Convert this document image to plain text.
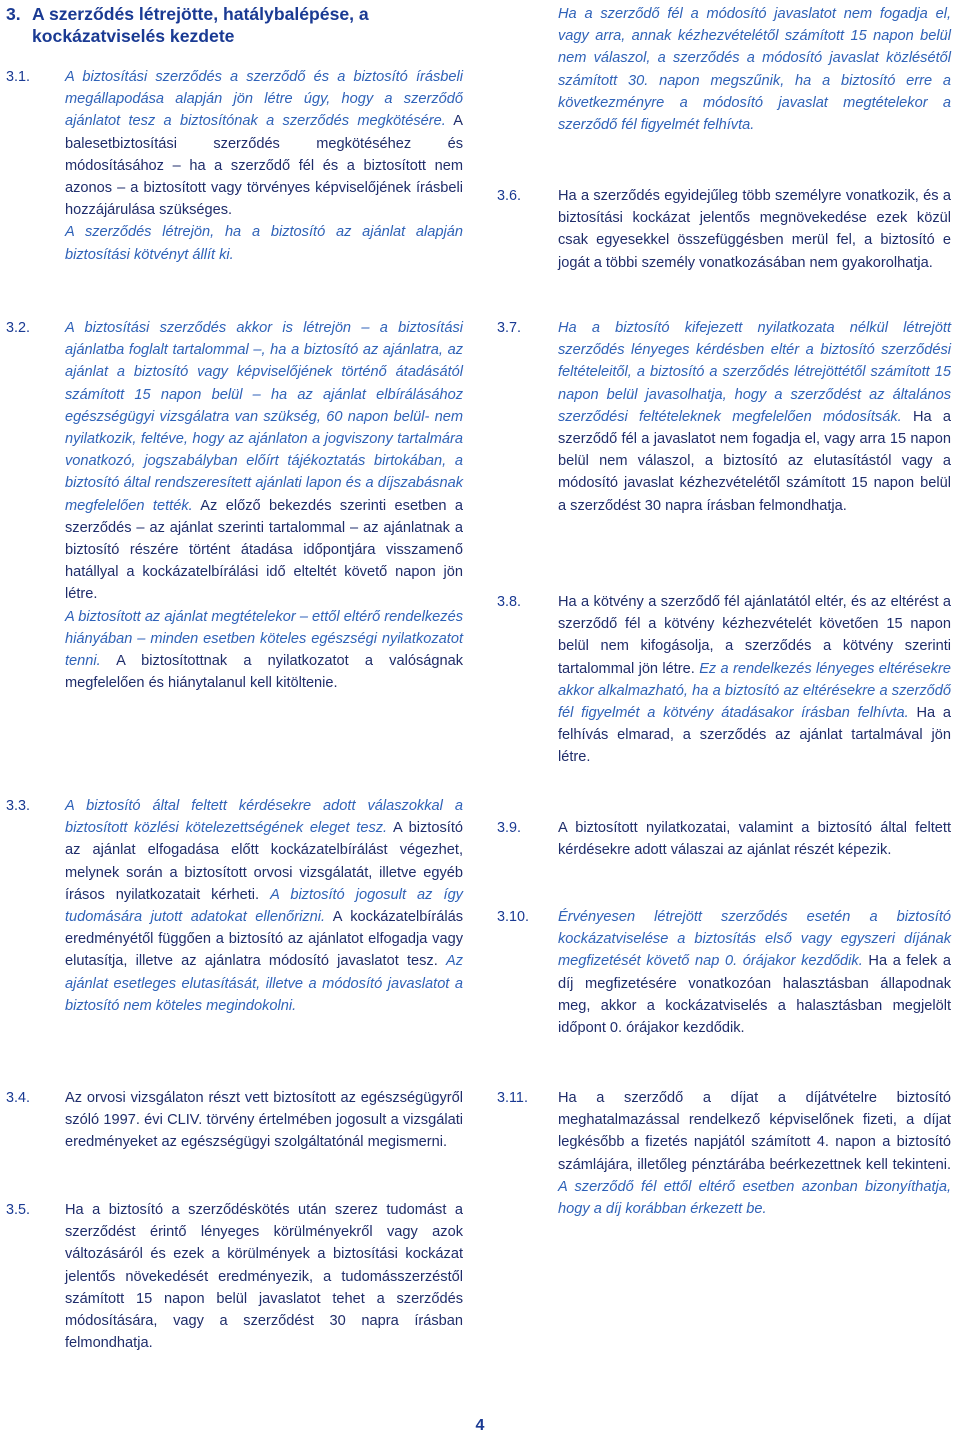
3. A szerződés létrejötte, hatálybalépése, a kockázatviselés kezdete
3.1. A biztosítási szerződés a szerződő és a biztosító írásbeli megállapodása alapján jön létre úgy, hogy a szerződő ajánlatot tesz a biztosítónak a szerződés megkötésére. A balesetbiztosítási szerződés megkötéséhez és módosításához – ha a szerződő fél és a biztosított nem azonos – a biztosított vagy törvényes képviselőjének írásbeli hozzájárulása szükséges.
A szerződés létrejön, ha a biztosító az ajánlat alapján biztosítási kötvényt állít ki.
3.2. A biztosítási szerződés akkor is létrejön – a biztosítási ajánlatba foglalt tartalommal –, ha a biztosító az ajánlatra, az ajánlat a biztosító vagy képviselőjének történő átadásától számított 15 napon belül – ha az ajánlat elbírálásához egészségügyi vizsgálatra van szükség, 60 napon belül- nem nyilatkozik, feltéve, hogy az ajánlaton a jogviszony tartalmára vonatkozó, jogszabályban előírt tájékoztatás birtokában, a biztosító által rendszeresített ajánlati lapon és a díjszabásnak megfelelően tették. Az előző bekezdés szerinti esetben a szerződés – az ajánlat szerinti tartalommal – az ajánlatnak a biztosító részére történt átadása időpontjára visszamenő hatállyal a kockázatelbírálási idő elteltét követő napon jön létre.
A biztosított az ajánlat megtételekor – ettől eltérő rendelkezés hiányában – minden esetben köteles egészségi nyilatkozatot tenni. A biztosítottnak a nyilatkozatot a valóságnak megfelelően és hiánytalanul kell kitöltenie.
3.3. A biztosító által feltett kérdésekre adott válaszokkal a biztosított közlési kötelezettségének eleget tesz. A biztosító az ajánlat elfogadása előtt kockázatelbírálást végezhet, melynek során a biztosított orvosi vizsgálatát, illetve egyéb írásos nyilatkozatait kérheti. A biztosító jogosult az így tudomására jutott adatokat ellenőrizni. A kockázatelbírálás eredményétől függően a biztosító az ajánlatot elfogadja vagy elutasítja, illetve az ajánlatra módosító javaslatot tesz. Az ajánlat esetleges elutasítását, illetve a módosító javaslatot a biztosító nem köteles megindokolni.
3.4. Az orvosi vizsgálaton részt vett biztosított az egészségügyről szóló 1997. évi CLIV. törvény értelmében jogosult a vizsgálati eredményeket az egészségügyi szolgáltatónál megismerni.
3.5. Ha a biztosító a szerződéskötés után szerez tudomást a szerződést érintő lényeges körülményekről vagy azok változásáról és ezek a körülmények a biztosítási kockázat jelentős növekedését eredményezik, a tudomásszerzéstől számított 15 napon belül javaslatot tehet a szerződés módosítására, vagy a szerződést 30 napra írásban felmondhatja.
Ha a szerződő fél a módosító javaslatot nem fogadja el, vagy arra, annak kézhezvételétől számított 15 napon belül nem válaszol, a szerződés a módosító javaslat közlésétől számított 30. napon megszűnik, ha a biztosító erre a következményre a módosító javaslat megtételekor a szerződő fél figyelmét felhívta.
3.6.	Ha a szerződés egyidejűleg több személyre vonatkozik, és a biztosítási kockázat jelentős megnövekedése ezek közül csak egyesekkel összefüggésben merül fel, a biztosító e jogát a többi személy vonatkozásában nem gyakorolhatja.
3.7.	Ha a biztosító kifejezett nyilatkozata nélkül létrejött szerződés lényeges kérdésben eltér a biztosító szerződési feltételeitől, a biztosító a szerződés létrejöttétől számított 15 napon belül javasolhatja, hogy a szerződést az általános szerződési feltételeknek megfelelően módosítsák. Ha a szerződő fél a javaslatot nem fogadja el, vagy arra 15 napon belül nem válaszol, a biztosító az elutasítástól vagy a módosító javaslat kézhezvételétől számított 15 napon belül a szerződést 30 napra írásban felmondhatja.
3.8.	Ha a kötvény a szerződő fél ajánlatától eltér, és az eltérést a szerződő fél a kötvény kézhezvételét követően 15 napon belül nem kifogásolja, a szerződés a kötvény szerinti tartalommal jön létre. Ez a rendelkezés lényeges eltérésekre akkor alkalmazható, ha a biztosító az eltérésekre a szerződő fél figyelmét a kötvény átadásakor írásban felhívta. Ha a felhívás elmarad, a szerződés az ajánlat tartalmával jön létre.
3.9.	A biztosított nyilatkozatai, valamint a biztosító által feltett kérdésekre adott válaszai az ajánlat részét képezik.
3.10. Érvényesen létrejött szerződés esetén a biztosító kockázatviselése a biztosítás első vagy egyszeri díjának megfizetését követő nap 0. órájakor kezdődik. Ha a felek a díj megfizetésére vonatkozóan halasztásban állapodnak meg, akkor a kockázatviselés a halasztásban megjelölt időpont 0. órájakor kezdődik.
3.11. Ha a szerződő a díjat a díjátvételre biztosító meghatalmazással rendelkező képviselőnek fizeti, a díjat legkésőbb a fizetés napjától számított 4. napon a biztosító számlájára, illetőleg pénztárába beérkezettnek kell tekinteni. A szerződő fél ettől eltérő esetben azonban bizonyíthatja, hogy a díj korábban érkezett be.
4
